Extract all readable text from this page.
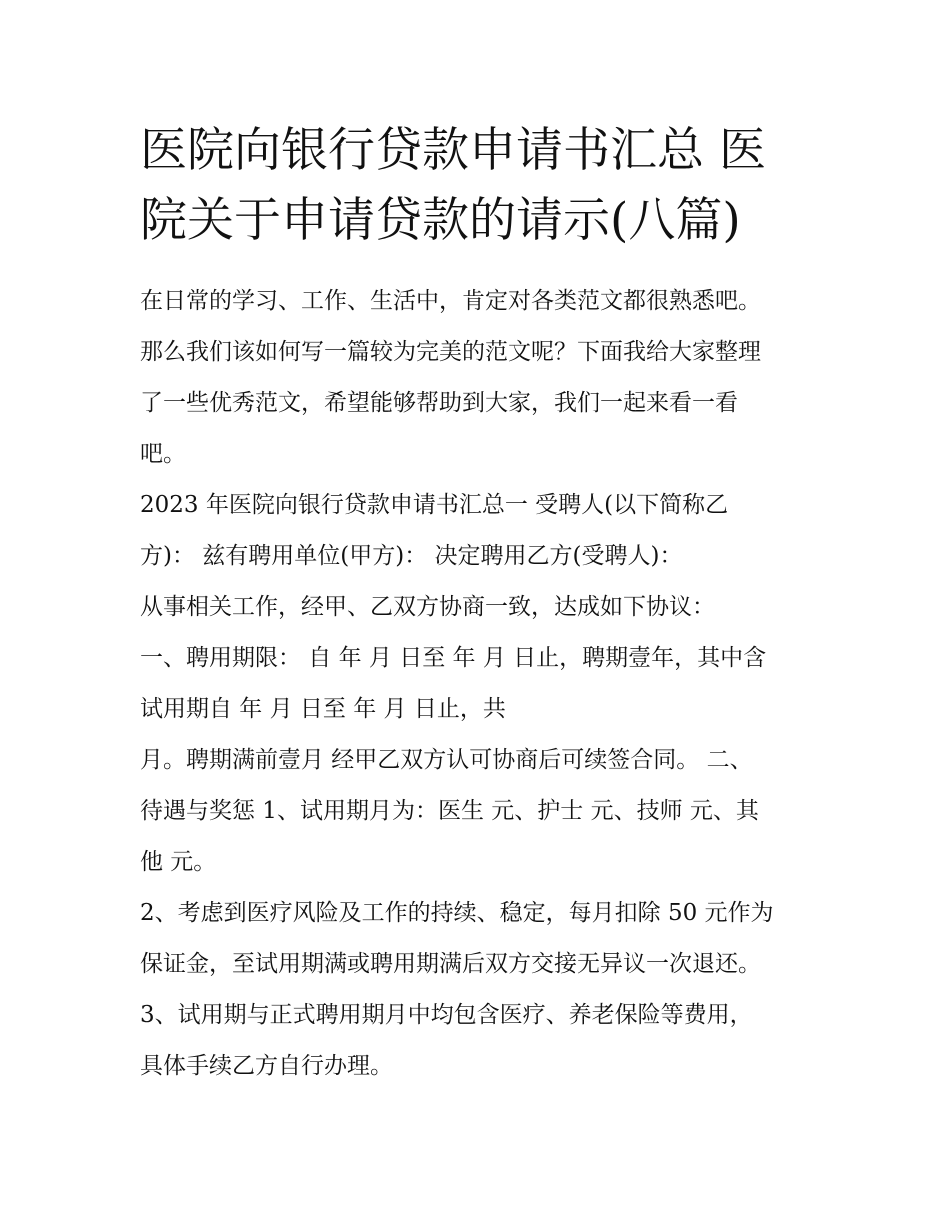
医院向银行贷款申请书汇总 医
院关于申请贷款的请示(八篇)
在日常的学习、工作、生活中，肯定对各类范文都很熟悉吧。
那么我们该如何写一篇较为完美的范文呢？下面我给大家整理
了一些优秀范文，希望能够帮助到大家，我们一起来看一看
吧。
2023 年医院向银行贷款申请书汇总一 受聘人(以下简称乙
方)： 兹有聘用单位(甲方)： 决定聘用乙方(受聘人)：
从事相关工作，经甲、乙双方协商一致，达成如下协议：
一、聘用期限： 自 年 月 日至 年 月 日止，聘期壹年，其中含
试用期自 年 月 日至 年 月 日止，共
月。聘期满前壹月 经甲乙双方认可协商后可续签合同。 二、
待遇与奖惩 1、试用期月为：医生 元、护士 元、技师 元、其
他 元。
2、考虑到医疗风险及工作的持续、稳定，每月扣除 50 元作为
保证金，至试用期满或聘用期满后双方交接无异议一次退还。
3、试用期与正式聘用期月中均包含医疗、养老保险等费用，
具体手续乙方自行办理。
